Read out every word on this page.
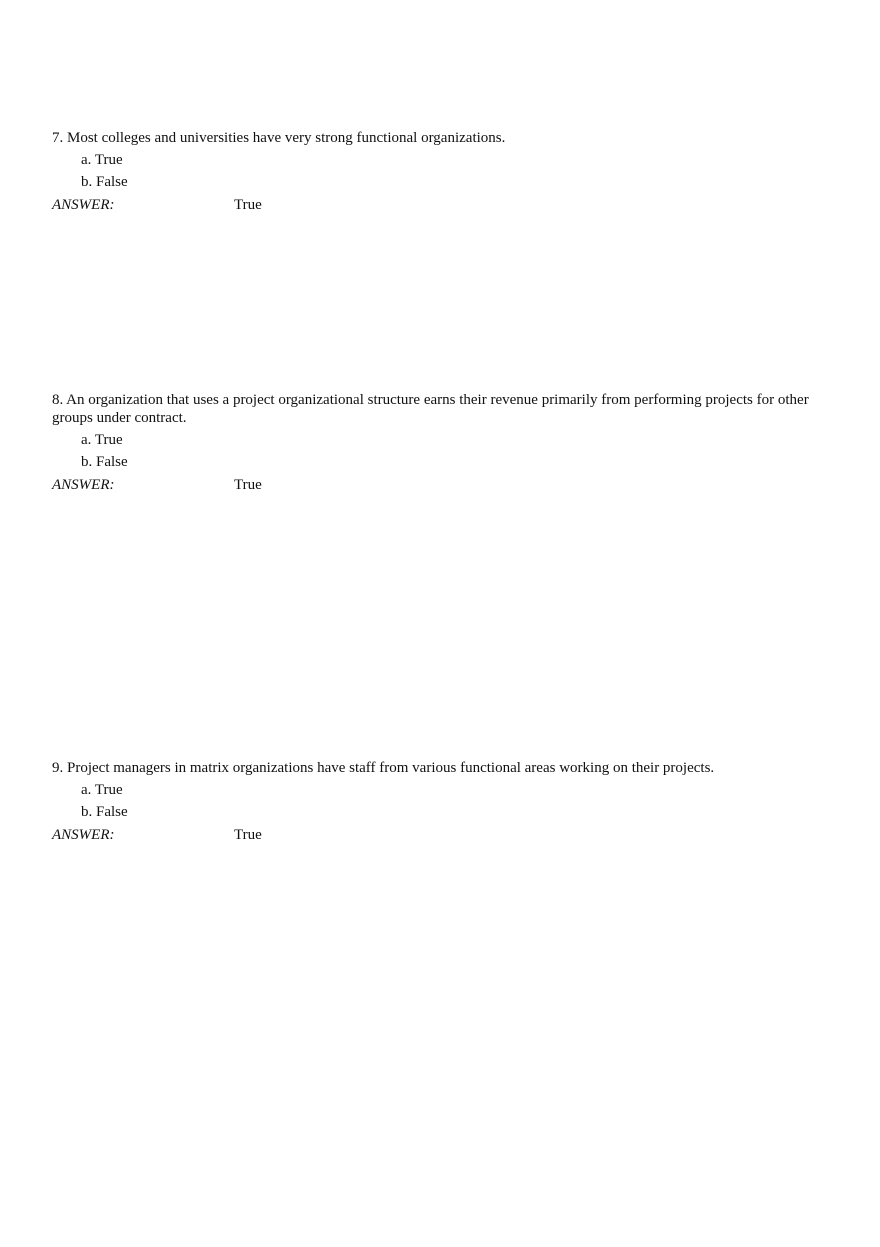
7. Most colleges and universities have very strong functional organizations.

a. True
b. False
ANSWER:	True

8. An organization that uses a project organizational structure earns their revenue primarily from performing projects for other groups under contract.

a. True
b. False
ANSWER:	True

9. Project managers in matrix organizations have staff from various functional areas working on their projects.

a. True
b. False
ANSWER:	True
